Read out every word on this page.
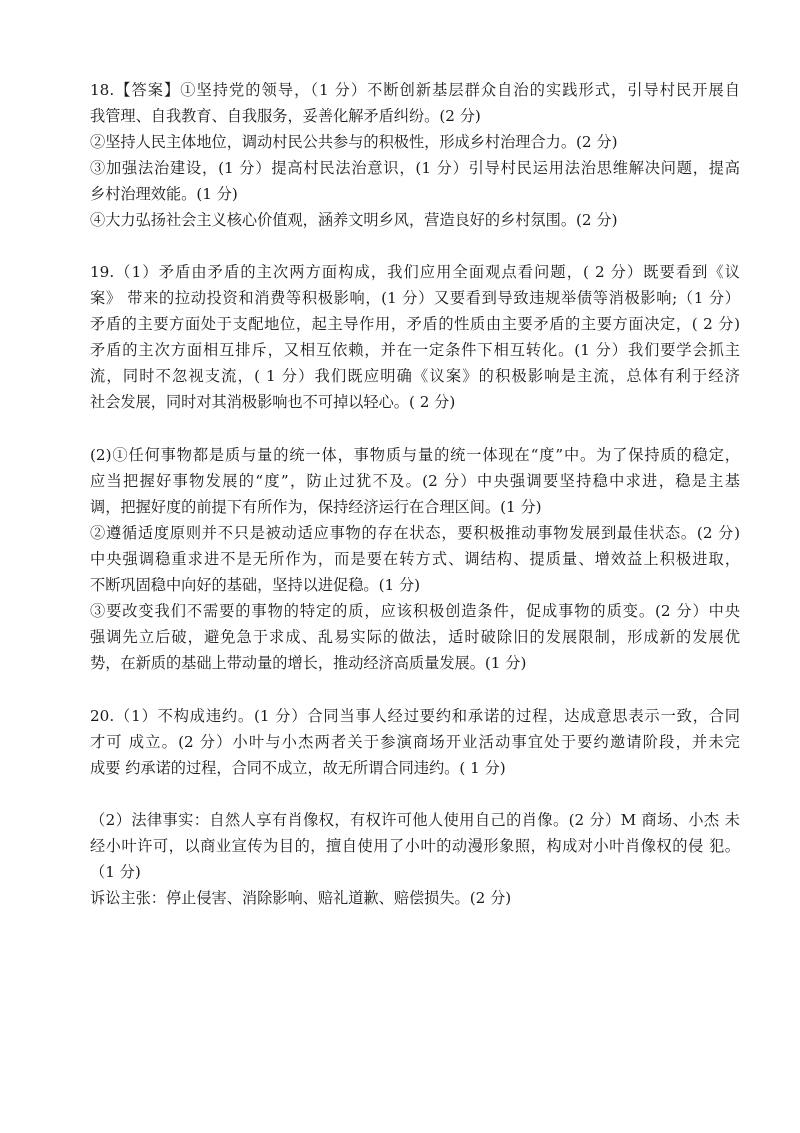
18.【答案】①坚持党的领导，（1 分）不断创新基层群众自治的实践形式，引导村民开展自
我管理、自我教育、自我服务，妥善化解矛盾纠纷。(2 分)
②坚持人民主体地位，调动村民公共参与的积极性，形成乡村治理合力。(2 分)
③加强法治建设，(1 分）提高村民法治意识，(1 分）引导村民运用法治思维解决问题，提高
乡村治理效能。(1 分)
④大力弘扬社会主义核心价值观，涵养文明乡风，营造良好的乡村氛围。(2 分)
19.（1）矛盾由矛盾的主次两方面构成，我们应用全面观点看问题，( 2 分）既要看到《议
案》 带来的拉动投资和消费等积极影响，(1 分）又要看到导致违规举债等消极影响;（1 分）
矛盾的主要方面处于支配地位，起主导作用，矛盾的性质由主要矛盾的主要方面决定，( 2 分)
矛盾的主次方面相互排斥，又相互依赖，并在一定条件下相互转化。(1 分）我们要学会抓主
流，同时不忽视支流，( 1 分）我们既应明确《议案》的积极影响是主流，总体有利于经济
社会发展，同时对其消极影响也不可掉以轻心。( 2 分)
(2)①任何事物都是质与量的统一体，事物质与量的统一体现在“度”中。为了保持质的稳定，
应当把握好事物发展的“度”，防止过犹不及。(2 分）中央强调要坚持稳中求进，稳是主基
调，把握好度的前提下有所作为，保持经济运行在合理区间。(1 分)
②遵循适度原则并不只是被动适应事物的存在状态，要积极推动事物发展到最佳状态。(2 分)
中央强调稳重求进不是无所作为，而是要在转方式、调结构、提质量、增效益上积极进取，
不断巩固稳中向好的基础，坚持以进促稳。(1 分)
③要改变我们不需要的事物的特定的质，应该积极创造条件，促成事物的质变。(2 分）中央
强调先立后破，避免急于求成、乱易实际的做法，适时破除旧的发展限制，形成新的发展优
势，在新质的基础上带动量的增长，推动经济高质量发展。(1 分)
20.（1）不构成违约。(1 分）合同当事人经过要约和承诺的过程，达成意思表示一致，合同
才可 成立。(2 分）小叶与小杰两者关于参演商场开业活动事宜处于要约邀请阶段，并未完
成要 约承诺的过程，合同不成立，故无所谓合同违约。( 1 分)
（2）法律事实：自然人享有肖像权，有权许可他人使用自己的肖像。(2 分）M 商场、小杰 未
经小叶许可，以商业宣传为目的，擅自使用了小叶的动漫形象照，构成对小叶肖像权的侵 犯。
（1 分)
诉讼主张：停止侵害、消除影响、赔礼道歉、赔偿损失。(2 分)
